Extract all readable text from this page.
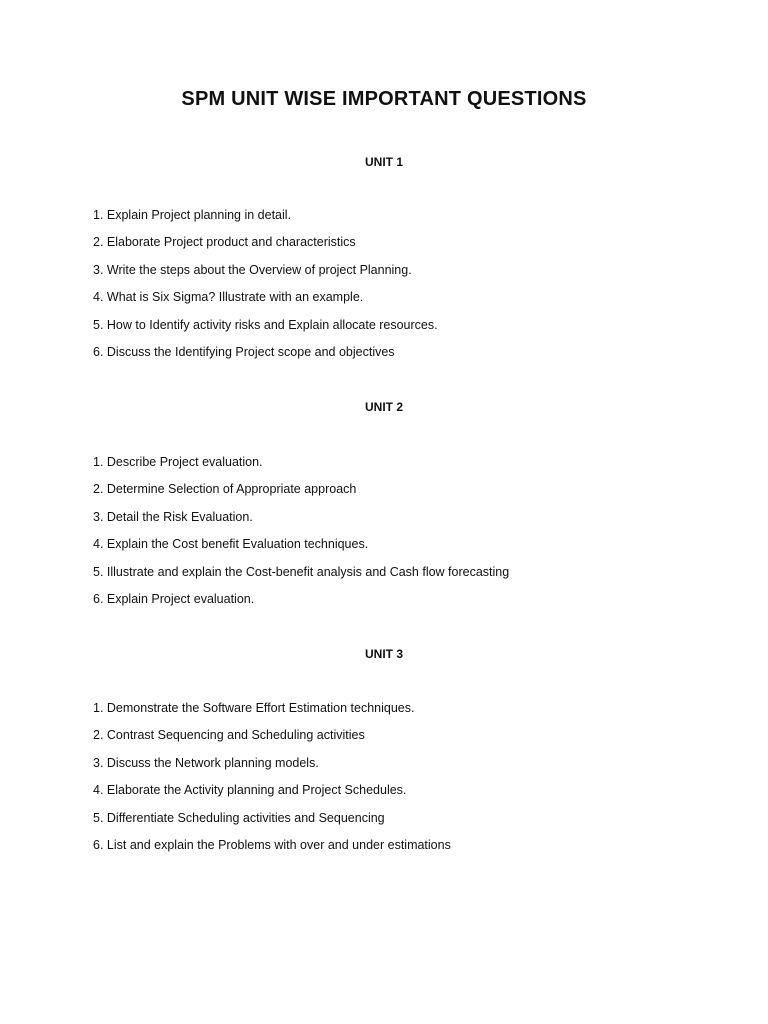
SPM UNIT WISE IMPORTANT QUESTIONS
UNIT 1
1. Explain Project planning in detail.
2. Elaborate Project product and characteristics
3. Write the steps about the Overview of project Planning.
4. What is Six Sigma? Illustrate with an example.
5. How to Identify activity risks and Explain allocate resources.
6. Discuss the Identifying Project scope and objectives
UNIT 2
1. Describe Project evaluation.
2. Determine Selection of Appropriate approach
3. Detail the Risk Evaluation.
4. Explain the Cost benefit Evaluation techniques.
5. Illustrate and explain the Cost-benefit analysis and Cash flow forecasting
6. Explain Project evaluation.
UNIT 3
1. Demonstrate the Software Effort Estimation techniques.
2. Contrast Sequencing and Scheduling activities
3. Discuss the Network planning models.
4. Elaborate the Activity planning and Project Schedules.
5. Differentiate Scheduling activities and Sequencing
6. List and explain the Problems with over and under estimations
